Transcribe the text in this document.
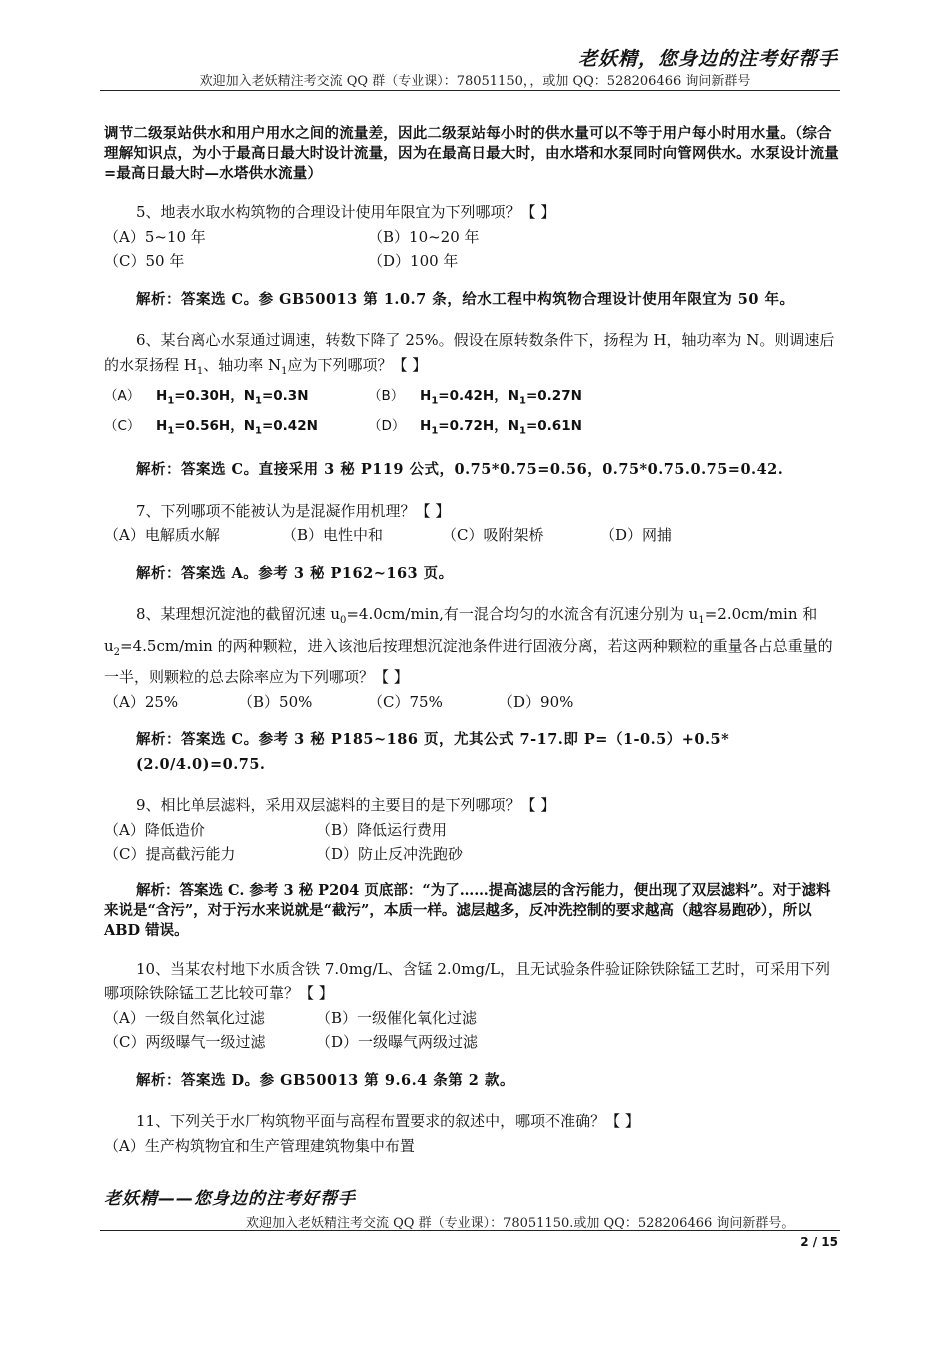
老妖精，您身边的注考好帮手
欢迎加入老妖精注考交流 QQ 群（专业课）：78051150，，或加 QQ：528206466 询问新群号
调节二级泵站供水和用户用水之间的流量差，因此二级泵站每小时的供水量可以不等于用户每小时用水量。（综合理解知识点，为小于最高日最大时设计流量，因为在最高日最大时，由水塔和水泵同时向管网供水。水泵设计流量=最高日最大时—水塔供水流量）
5、地表水取水构筑物的合理设计使用年限宜为下列哪项？【 】
（A）5~10 年	（B）10~20 年
（C）50 年	（D）100 年
解析：答案选 C。参 GB50013 第 1.0.7 条，给水工程中构筑物合理设计使用年限宜为 50 年。
6、某台离心水泵通过调速，转数下降了 25%。假设在原转数条件下，扬程为 H，轴功率为 N。则调速后的水泵扬程 $H_1$、轴功率 $N_1$应为下列哪项？【 】
（A） $H_1=0.30H$，$N_1=0.3N$	（B） $H_1=0.42H$，$N_1=0.27N$
（C） $H_1=0.56H$，$N_1=0.42N$	（D） $H_1=0.72H$，$N_1=0.61N$
解析：答案选 C。直接采用 3 秘 P119 公式，0.75*0.75=0.56，0.75*0.75.0.75=0.42.
7、下列哪项不能被认为是混凝作用机理？【 】
（A）电解质水解	（B）电性中和	（C）吸附架桥	（D）网捕
解析：答案选 A。参考 3 秘 P162~163 页。
8、某理想沉淀池的截留沉速 $u_0=4.0cm/\min$,有一混合均匀的水流含有沉速分别为 $u_1=2.0cm/\min$ 和 $u_2=4.5cm/\min$ 的两种颗粒，进入该池后按理想沉淀池条件进行固液分离，若这两种颗粒的重量各占总重量的一半，则颗粒的总去除率应为下列哪项？【 】
（A）25%	（B）50%	（C）75%	（D）90%
解析：答案选 C。参考 3 秘 P185~186 页，尤其公式 7-17.即 P=（1-0.5）+0.5*(2.0/4.0)=0.75.
9、相比单层滤料，采用双层滤料的主要目的是下列哪项？【 】
（A）降低造价	（B）降低运行费用
（C）提高截污能力	（D）防止反冲洗跑砂
解析：答案选 C. 参考 3 秘 P204 页底部：“为了……提高滤层的含污能力，便出现了双层滤料”。对于滤料来说是“含污”，对于污水来说就是“截污”，本质一样。滤层越多，反冲洗控制的要求越高（越容易跑砂），所以 ABD 错误。
10、当某农村地下水质含铁 7.0mg/L、含锰 2.0mg/L，且无试验条件验证除铁除锰工艺时，可采用下列哪项除铁除锰工艺比较可靠？【 】
（A）一级自然氧化过滤	（B）一级催化氧化过滤
（C）两级曝气一级过滤	（D）一级曝气两级过滤
解析：答案选 D。参 GB50013 第 9.6.4 条第 2 款。
11、下列关于水厂构筑物平面与高程布置要求的叙述中，哪项不准确？【 】
（A）生产构筑物宜和生产管理建筑物集中布置
老妖精——您身边的注考好帮手
欢迎加入老妖精注考交流 QQ 群（专业课）：78051150.或加 QQ：528206466 询问新群号。
2 / 15
